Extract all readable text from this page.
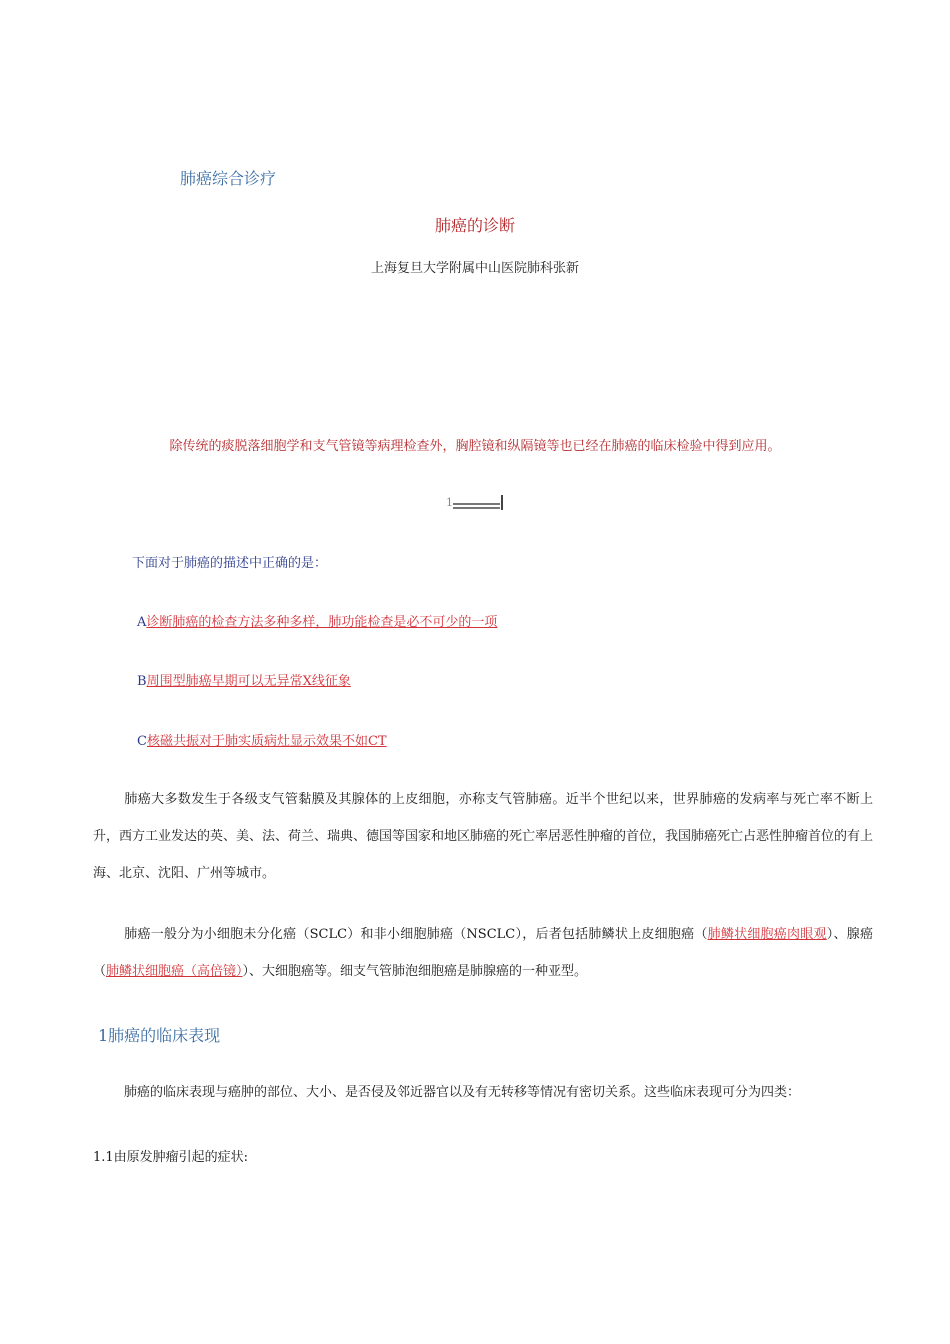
肺癌综合诊疗
肺癌的诊断
上海复旦大学附属中山医院肺科张新
除传统的痰脱落细胞学和支气管镜等病理检查外，胸腔镜和纵隔镜等也已经在肺癌的临床检验中得到应用。
1
下面对于肺癌的描述中正确的是：
A诊断肺癌的检查方法多种多样，肺功能检查是必不可少的一项
B周围型肺癌早期可以无异常X线征象
C核磁共振对于肺实质病灶显示效果不如CT
肺癌大多数发生于各级支气管黏膜及其腺体的上皮细胞，亦称支气管肺癌。近半个世纪以来，世界肺癌的发病率与死亡率不断上升，西方工业发达的英、美、法、荷兰、瑞典、德国等国家和地区肺癌的死亡率居恶性肿瘤的首位，我国肺癌死亡占恶性肿瘤首位的有上海、北京、沈阳、广州等城市。
肺癌一般分为小细胞未分化癌（SCLC）和非小细胞肺癌（NSCLC），后者包括肺鳞状上皮细胞癌（肺鳞状细胞癌肉眼观）、腺癌（肺鳞状细胞癌（高倍镜））、大细胞癌等。细支气管肺泡细胞癌是肺腺癌的一种亚型。
1肺癌的临床表现
肺癌的临床表现与癌肿的部位、大小、是否侵及邻近器官以及有无转移等情况有密切关系。这些临床表现可分为四类：
1.1由原发肿瘤引起的症状:
